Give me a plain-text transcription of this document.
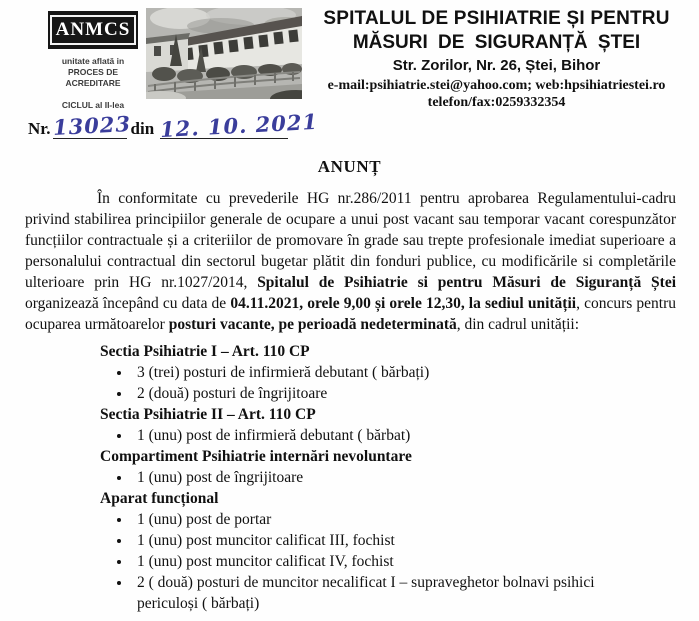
ANMCS
unitate aflată in
PROCES DE ACREDITARE
CICLUL al II-lea
SPITALUL DE PSIHIATRIE ȘI PENTRU
MĂSURI DE SIGURANȚĂ ȘTEI
Str. Zorilor, Nr. 26, Ștei, Bihor
e-mail:psihiatrie.stei@yahoo.com; web:hpsihiatriestei.ro
telefon/fax:0259332354
Nr.13023din 12. 10. 2021
ANUNȚ

În conformitate cu prevederile HG nr.286/2011 pentru aprobarea Regulamentului-cadru privind stabilirea principiilor generale de ocupare a unui post vacant sau temporar vacant corespunzător funcțiilor contractuale și a criteriilor de promovare în grade sau trepte profesionale imediat superioare a personalului contractual din sectorul bugetar plătit din fonduri publice, cu modificările si completările ulterioare prin HG nr.1027/2014, Spitalul de Psihiatrie si pentru Măsuri de Siguranță Ștei organizează începând cu data de 04.11.2021, orele 9,00 și orele 12,30, la sediul unității, concurs pentru ocuparea următoarelor posturi vacante, pe perioadă nedeterminată, din cadrul unității:

Sectia Psihiatrie I – Art. 110 CP
• 3 (trei) posturi de infirmieră debutant ( bărbați)
• 2 (două) posturi de îngrijitoare
Sectia Psihiatrie II – Art. 110 CP
• 1 (unu) post de infirmieră debutant ( bărbat)
Compartiment Psihiatrie internări nevoluntare
• 1 (unu) post de îngrijitoare
Aparat funcțional
• 1 (unu) post de portar
• 1 (unu) post muncitor calificat III, fochist
• 1 (unu) post muncitor calificat IV, fochist
• 2 ( două) posturi de muncitor necalificat I – supraveghetor bolnavi psihici periculoși ( bărbați)
